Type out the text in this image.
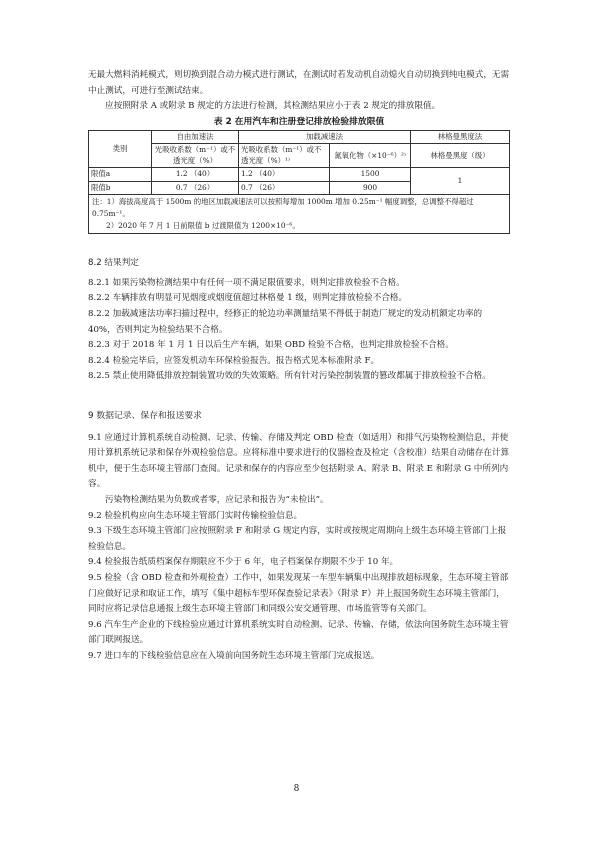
无最大燃料消耗模式，则切换到混合动力模式进行测试，在测试时若发动机自动熄火自动切换到纯电模式，无需中止测试，可进行至测试结束。

应按照附录 A 或附录 B 规定的方法进行检测，其检测结果应小于表 2 规定的排放限值。

表 2 在用汽车和注册登记排放检验排放限值
类别	自由加速法	加载减速法		林格曼黑度法
	光吸收系数（m⁻¹）或不透光度（%）	光吸收系数（m⁻¹）或不透光度（%）¹⁾	氮氧化物（×10⁻⁶）²⁾	林格曼黑度（级）
限值a	1.2 （40）	1.2 （40）	1500	1
限值b	0.7 （26）	0.7 （26）	900	

注：1）海拔高度高于 1500m 的地区加载减速法可以按照每增加 1000m 增加 0.25m⁻¹ 幅度调整，总调整不得超过 0.75m⁻¹。
2）2020 年 7 月 1 日前限值 b 过渡限值为 1200×10⁻⁶。				
8.2 结果判定

8.2.1 如果污染物检测结果中有任何一项不满足限值要求，则判定排放检验不合格。

8.2.2 车辆排放有明显可见烟度或烟度值超过林格曼 1 级，则判定排放检验不合格。

8.2.2 加载减速法功率扫描过程中，经修正的轮边功率测量结果不得低于制造厂规定的发动机额定功率的 40%，否则判定为检验结果不合格。

8.2.3 对于 2018 年 1 月 1 日以后生产车辆，如果 OBD 检验不合格，也判定排放检验不合格。

8.2.4 检验完毕后，应签发机动车环保检验报告。报告格式见本标准附录 F。

8.2.5 禁止使用降低排放控制装置功效的失效策略。所有针对污染控制装置的篡改都属于排放检验不合格。

9 数据记录、保存和报送要求

9.1 应通过计算机系统自动检测、记录、传输、存储及判定 OBD 检查（如适用）和排气污染物检测信息，并使用计算机系统记录和保存外观检验信息。应将标准中要求进行的仪器检查及检定（含校准）结果自动储存在计算机中，便于生态环境主管部门查阅。记录和保存的内容应至少包括附录 A、附录 B、附录 E 和附录 G 中所列内容。

污染物检测结果为负数或者零，应记录和报告为“未检出”。

9.2 检验机构应向生态环境主管部门实时传输检验信息。

9.3 下级生态环境主管部门应按照附录 F 和附录 G 规定内容，实时或按规定周期向上级生态环境主管部门上报检验信息。

9.4 检验报告纸质档案保存期限应不少于 6 年，电子档案保存期限不少于 10 年。

9.5 检验（含 OBD 检查和外观检查）工作中，如果发现某一车型车辆集中出现排放超标现象，生态环境主管部门应做好记录和取证工作，填写《集中超标车型环保查验记录表》（附录 F）并上报国务院生态环境主管部门，同时应将记录信息通报上级生态环境主管部门和同级公安交通管理、市场监管等有关部门。

9.6 汽车生产企业的下线检验应通过计算机系统实时自动检测、记录、传输、存储，依法向国务院生态环境主管部门联网报送。

9.7 进口车的下线检验信息应在入境前向国务院生态环境主管部门完成报送。

8
